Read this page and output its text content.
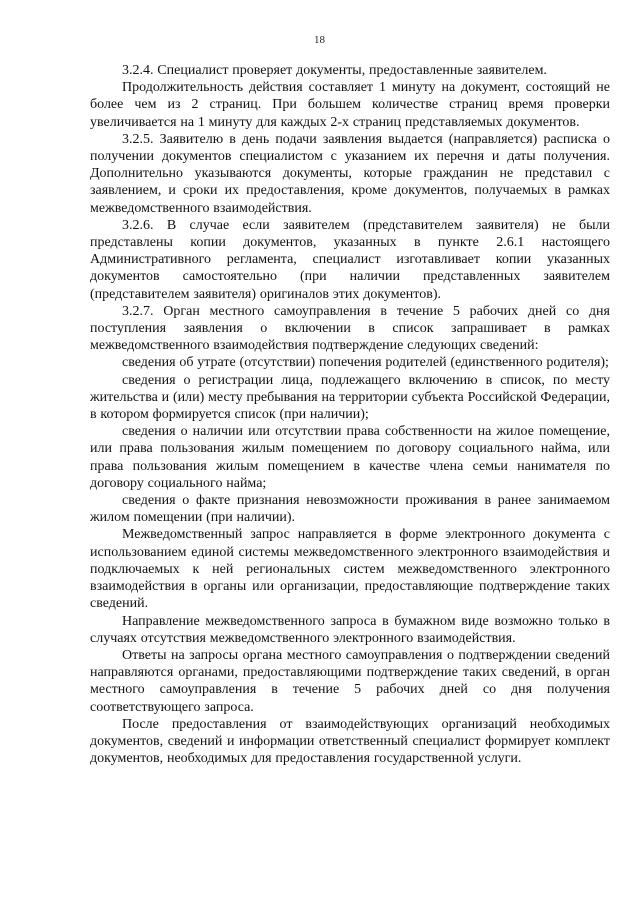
18

3.2.4. Специалист проверяет документы, предоставленные заявителем.

Продолжительность действия составляет 1 минуту на документ, состоящий не более чем из 2 страниц. При большем количестве страниц время проверки увеличивается на 1 минуту для каждых 2-х страниц представляемых документов.

3.2.5. Заявителю в день подачи заявления выдается (направляется) расписка о получении документов специалистом с указанием их перечня и даты получения. Дополнительно указываются документы, которые гражданин не представил с заявлением, и сроки их предоставления, кроме документов, получаемых в рамках межведомственного взаимодействия.

3.2.6. В случае если заявителем (представителем заявителя) не были представлены копии документов, указанных в пункте 2.6.1 настоящего Административного регламента, специалист изготавливает копии указанных документов самостоятельно (при наличии представленных заявителем (представителем заявителя) оригиналов этих документов).

3.2.7. Орган местного самоуправления в течение 5 рабочих дней со дня поступления заявления о включении в список запрашивает в рамках межведомственного взаимодействия подтверждение следующих сведений:

сведения об утрате (отсутствии) попечения родителей (единственного родителя);

сведения о регистрации лица, подлежащего включению в список, по месту жительства и (или) месту пребывания на территории субъекта Российской Федерации, в котором формируется список (при наличии);

сведения о наличии или отсутствии права собственности на жилое помещение, или права пользования жилым помещением по договору социального найма, или права пользования жилым помещением в качестве члена семьи нанимателя по договору социального найма;

сведения о факте признания невозможности проживания в ранее занимаемом жилом помещении (при наличии).

Межведомственный запрос направляется в форме электронного документа с использованием единой системы межведомственного электронного взаимодействия и подключаемых к ней региональных систем межведомственного электронного взаимодействия в органы или организации, предоставляющие подтверждение таких сведений.

Направление межведомственного запроса в бумажном виде возможно только в случаях отсутствия межведомственного электронного взаимодействия.

Ответы на запросы органа местного самоуправления о подтверждении сведений направляются органами, предоставляющими подтверждение таких сведений, в орган местного самоуправления в течение 5 рабочих дней со дня получения соответствующего запроса.

После предоставления от взаимодействующих организаций необходимых документов, сведений и информации ответственный специалист формирует комплект документов, необходимых для предоставления государственной услуги.
